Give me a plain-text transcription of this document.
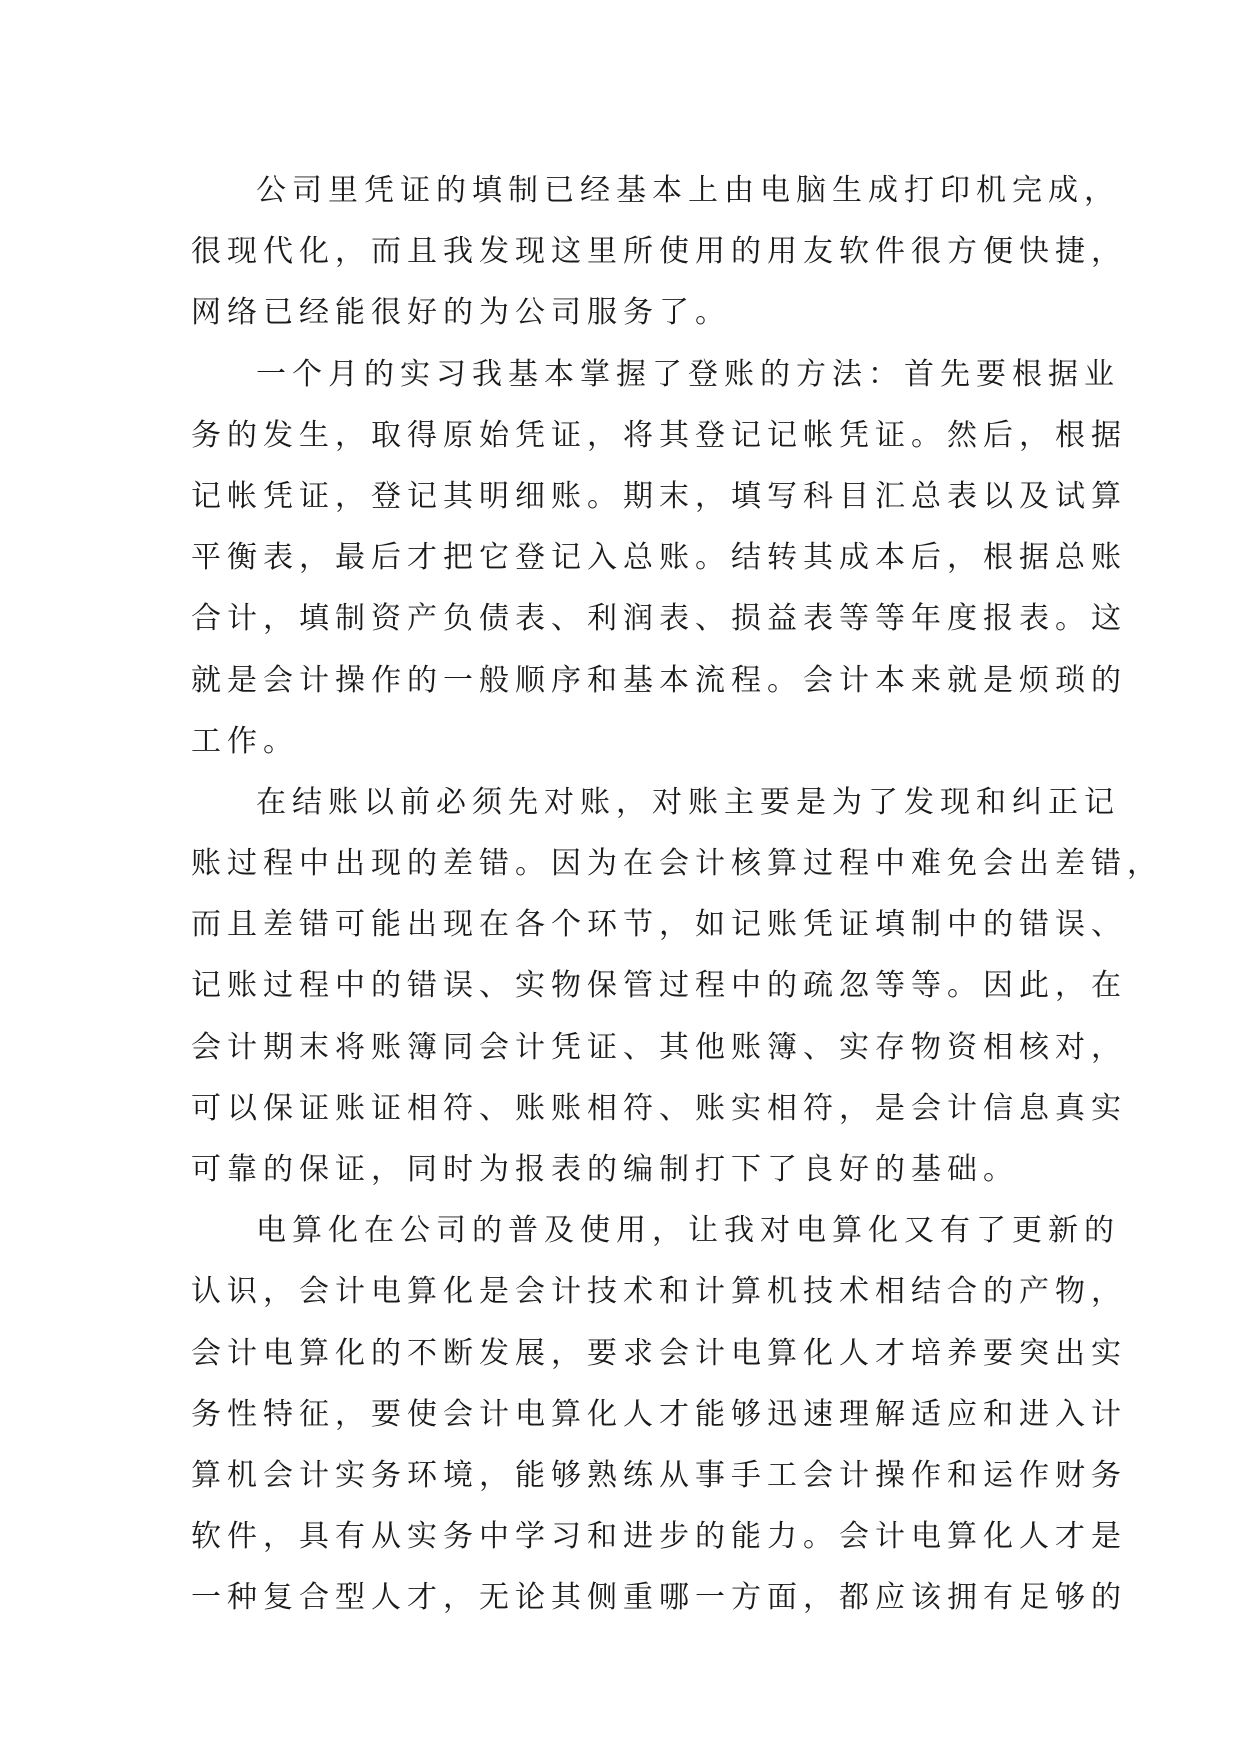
公司里凭证的填制已经基本上由电脑生成打印机完成，
很现代化，而且我发现这里所使用的用友软件很方便快捷，
网络已经能很好的为公司服务了。
一个月的实习我基本掌握了登账的方法：首先要根据业
务的发生，取得原始凭证，将其登记记帐凭证。然后，根据
记帐凭证，登记其明细账。期末，填写科目汇总表以及试算
平衡表，最后才把它登记入总账。结转其成本后，根据总账
合计，填制资产负债表、利润表、损益表等等年度报表。这
就是会计操作的一般顺序和基本流程。会计本来就是烦琐的
工作。
在结账以前必须先对账，对账主要是为了发现和纠正记
账过程中出现的差错。因为在会计核算过程中难免会出差错，
而且差错可能出现在各个环节，如记账凭证填制中的错误、
记账过程中的错误、实物保管过程中的疏忽等等。因此，在
会计期末将账簿同会计凭证、其他账簿、实存物资相核对，
可以保证账证相符、账账相符、账实相符，是会计信息真实
可靠的保证，同时为报表的编制打下了良好的基础。
电算化在公司的普及使用，让我对电算化又有了更新的
认识，会计电算化是会计技术和计算机技术相结合的产物，
会计电算化的不断发展，要求会计电算化人才培养要突出实
务性特征，要使会计电算化人才能够迅速理解适应和进入计
算机会计实务环境，能够熟练从事手工会计操作和运作财务
软件，具有从实务中学习和进步的能力。会计电算化人才是
一种复合型人才，无论其侧重哪一方面，都应该拥有足够的
